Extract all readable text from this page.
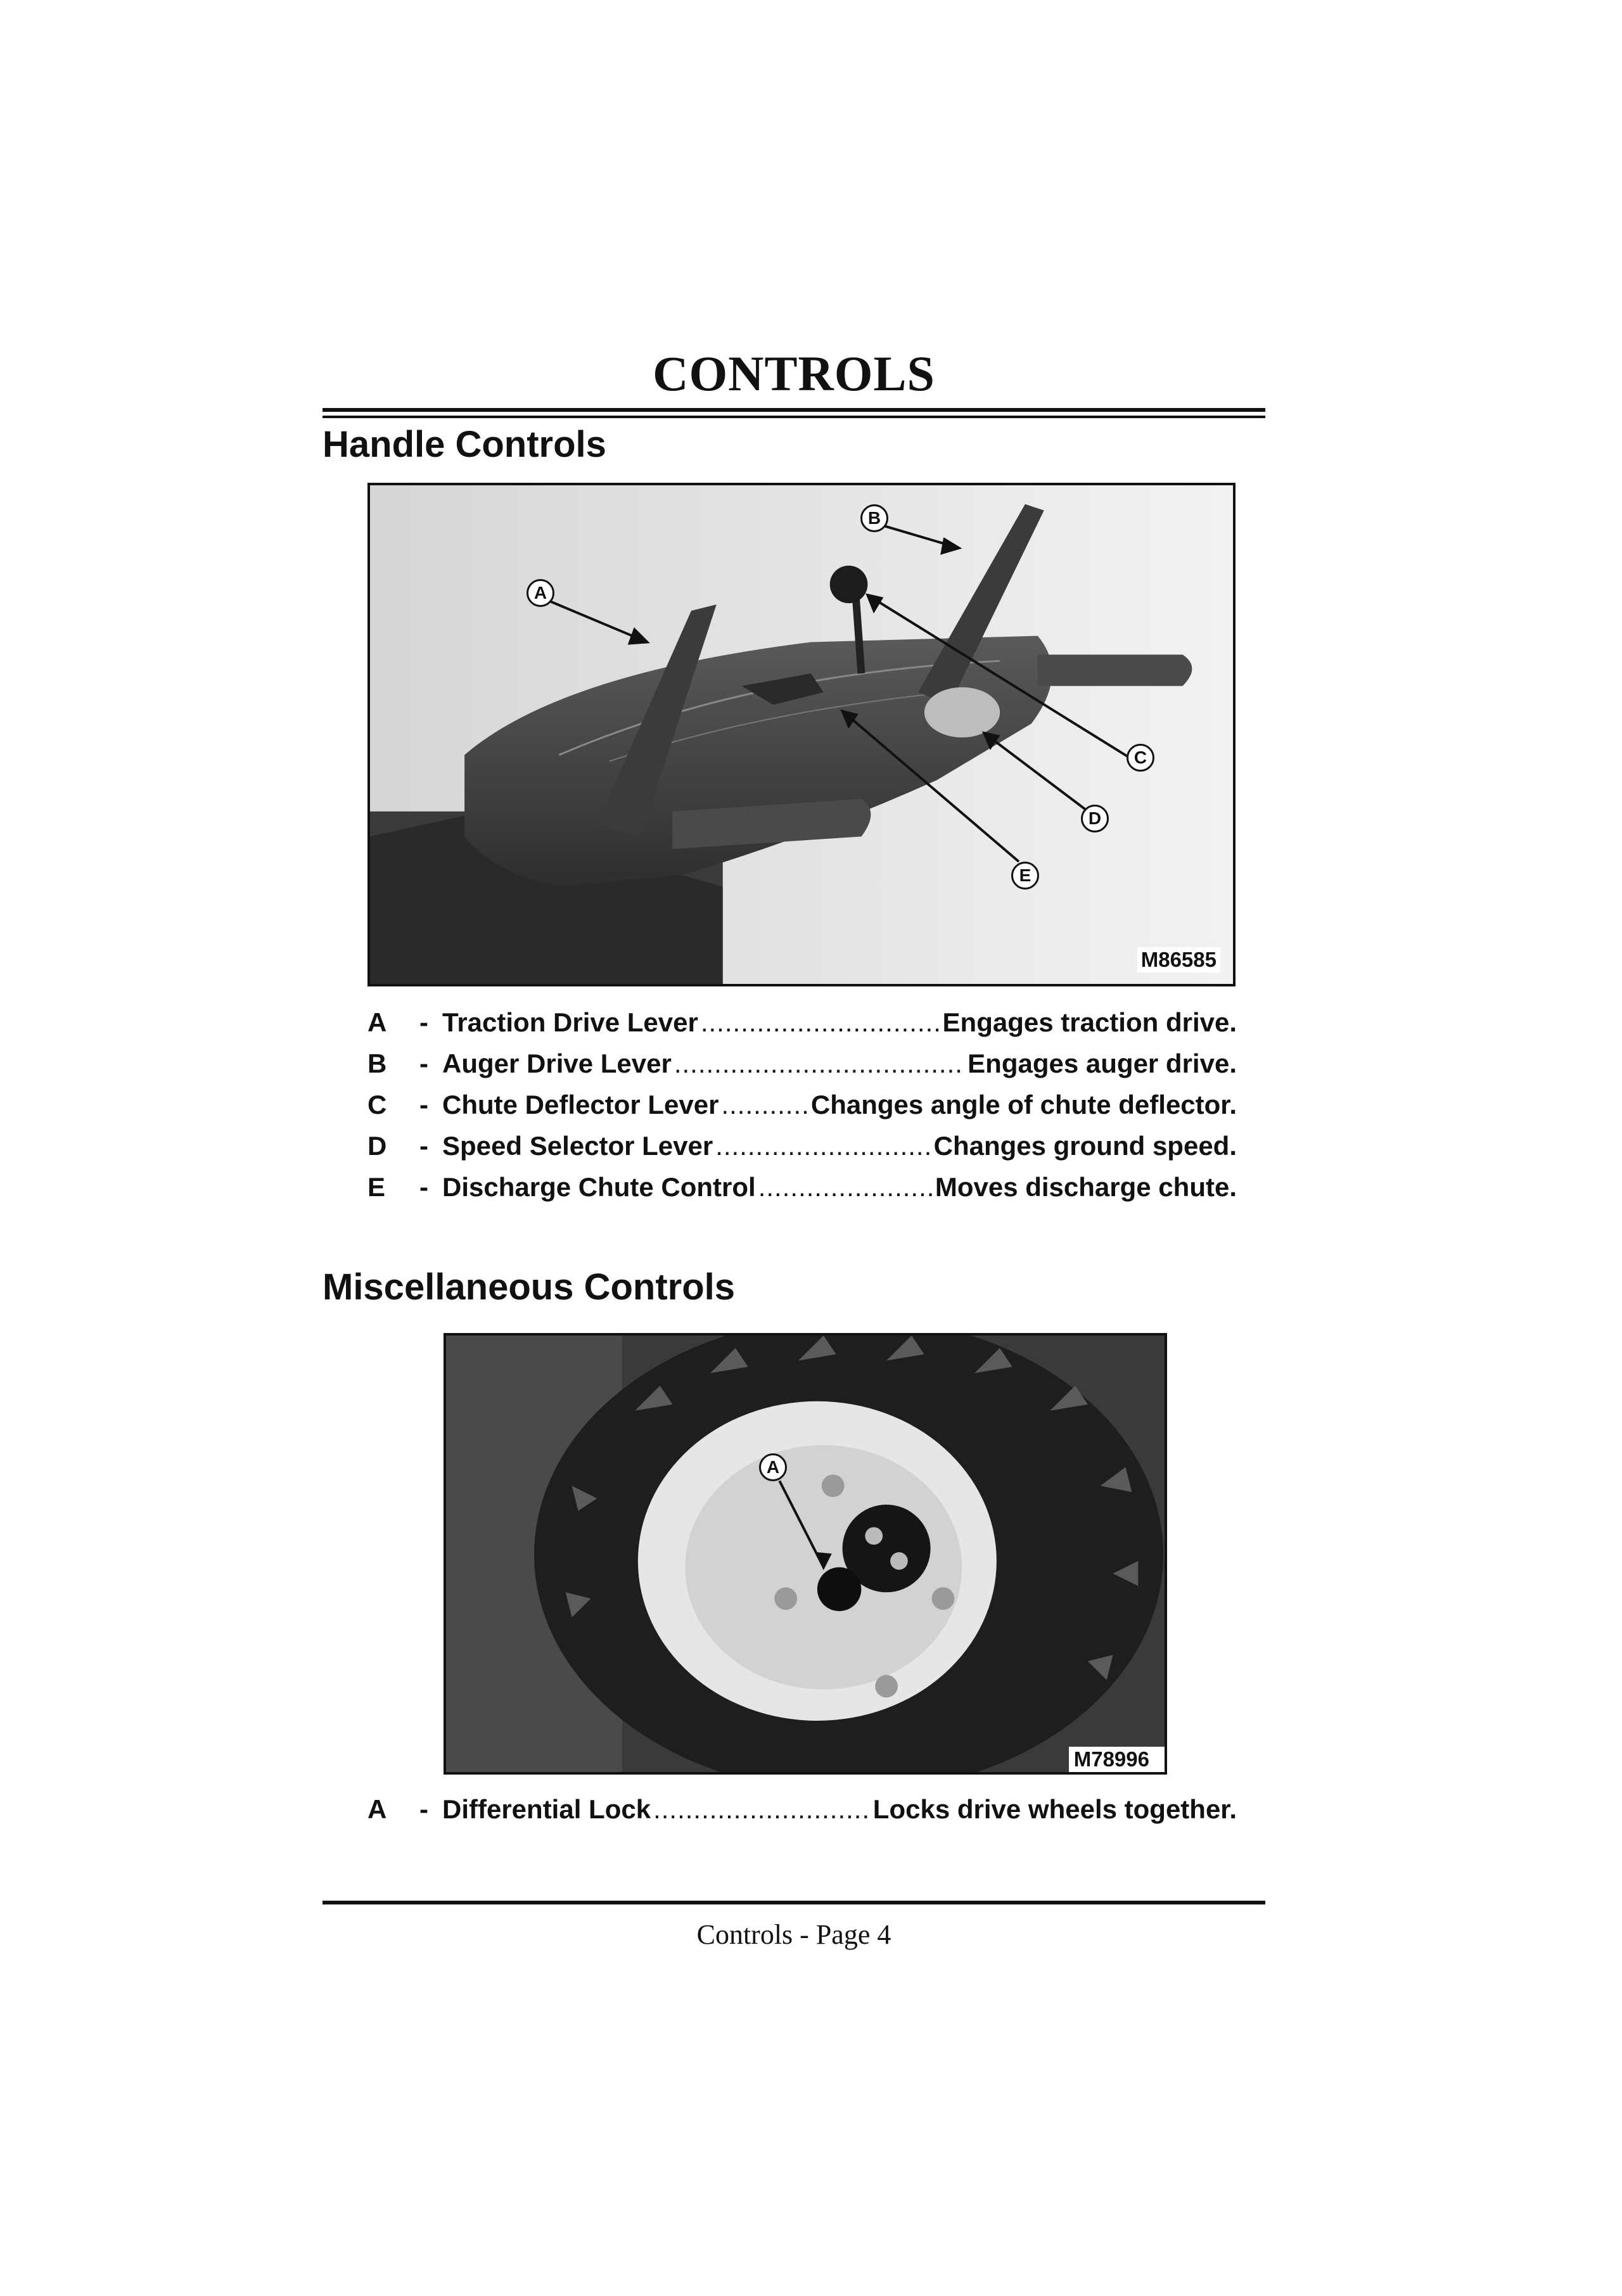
CONTROLS
Handle Controls
A
B
C
D
E
M86585
A	- Traction Drive Lever .....	Engages traction drive.
B	- Auger Drive Lever .....	Engages auger drive.
C	- Chute Deflector Lever .....	Changes angle of chute deflector.
D	- Speed Selector Lever .....	Changes ground speed.
E	- Discharge Chute Control .....	Moves discharge chute.
Miscellaneous Controls
A
M78996
A	- Differential Lock .....	Locks drive wheels together.
Controls - Page 4
